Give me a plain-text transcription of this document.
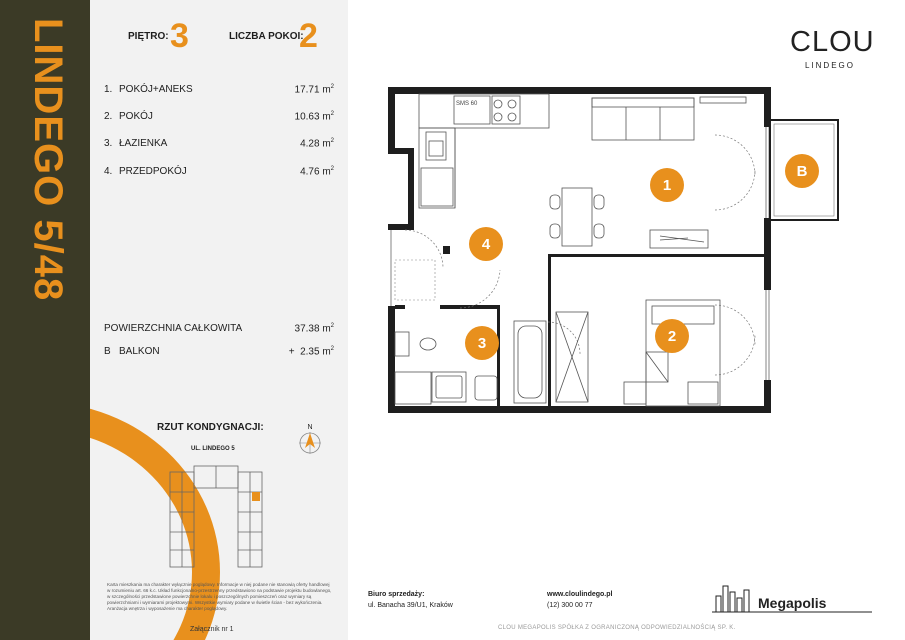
LINDEGO 5/48	PIĘTRO: 3	LICZBA POKOI:
2
1. POKÓJ+ANEKS	17.71 $m^2$
2. POKÓJ	10.63 $m^2$
3. ŁAZIENKA	4.28 $m^2$
4. PRZEDPOKÓJ	4.76 $m^2$
POWIERZCHNIA CAŁKOWITA	37.38 $m^2$
B   BALKON	+  2.35 $m^2$
RZUT KONDYGNACJI:
UL. LINDEGO 5
N
Karta mieszkania ma charakter wyłącznie poglądowy. Informacje w niej podane nie stanowią oferty handlowej w rozumieniu art. 66 k.c. Układ funkcjonalno-przestrzenny przedstawiono na podstawie projektu budowlanego, w szczególności przedstawione powierzchnie lokalu i poszczególnych pomieszczeń oraz wymiary są powierzchniami i wymiarami projektowymi. Wszystkie wymiary podane w świetle ścian - bez wykończenia. Aranżacja wnętrza i wyposażenie ma charakter poglądowy.
Załącznik nr 1
SMS 60
1
2
3
4
B
CLOU
LINDEGO
Biuro sprzedaży:
ul. Banacha 39/U1, Kraków
www.cloulindego.pl
(12) 300 00 77
CLOU MEGAPOLIS SPÓŁKA Z OGRANICZONĄ ODPOWIEDZIALNOŚCIĄ SP. K.
Megapolis
